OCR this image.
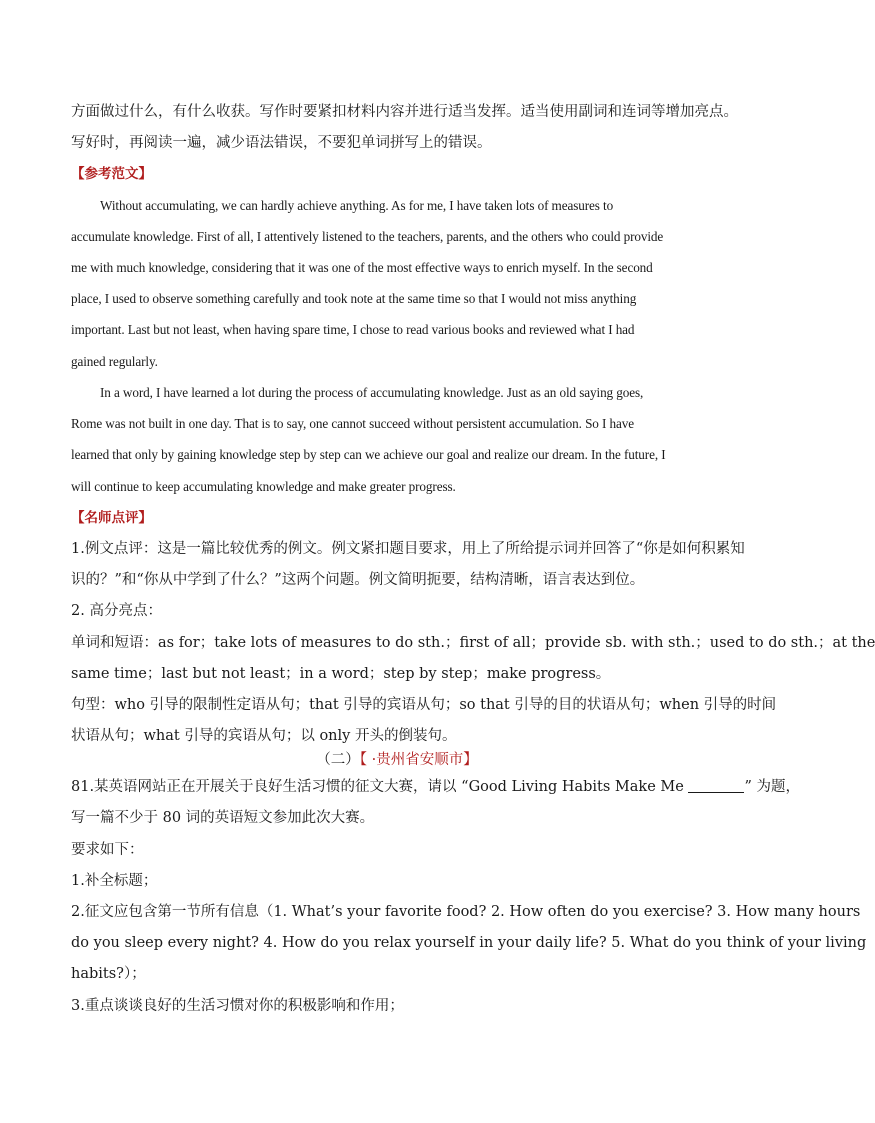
方面做过什么，有什么收获。写作时要紧扣材料内容并进行适当发挥。适当使用副词和连词等增加亮点。

写好时，再阅读一遍，减少语法错误，不要犯单词拼写上的错误。

【参考范文】

Without accumulating, we can hardly achieve anything. As for me, I have taken lots of measures to

accumulate knowledge. First of all, I attentively listened to the teachers, parents, and the others who could provide

me with much knowledge, considering that it was one of the most effective ways to enrich myself. In the second

place, I used to observe something carefully and took note at the same time so that I would not miss anything

important. Last but not least, when having spare time, I chose to read various books and reviewed what I had

gained regularly.

In a word, I have learned a lot during the process of accumulating knowledge. Just as an old saying goes,

Rome was not built in one day. That is to say, one cannot succeed without persistent accumulation. So I have

learned that only by gaining knowledge step by step can we achieve our goal and realize our dream. In the future, I

will continue to keep accumulating knowledge and make greater progress.

【名师点评】

1.例文点评：这是一篇比较优秀的例文。例文紧扣题目要求，用上了所给提示词并回答了“你是如何积累知

识的？”和“你从中学到了什么？”这两个问题。例文简明扼要，结构清晰，语言表达到位。

2. 高分亮点：

单词和短语：as for；take lots of measures to do sth.；first of all；provide sb. with sth.；used to do sth.；at the

same time；last but not least；in a word；step by step；make progress。

句型：who 引导的限制性定语从句；that 引导的宾语从句；so that 引导的目的状语从句；when 引导的时间

状语从句；what 引导的宾语从句；以 only 开头的倒装句。

（二）【 ·贵州省安顺市】

81.某英语网站正在开展关于良好生活习惯的征文大赛，请以 “Good Living Habits Make Me	” 为题，

写一篇不少于 80 词的英语短文参加此次大赛。

要求如下：

1.补全标题；

2.征文应包含第一节所有信息（1. What’s your favorite food? 2. How often do you exercise? 3. How many hours

do you sleep every night? 4. How do you relax yourself in your daily life? 5. What do you think of your living

habits?）；

3.重点谈谈良好的生活习惯对你的积极影响和作用；
